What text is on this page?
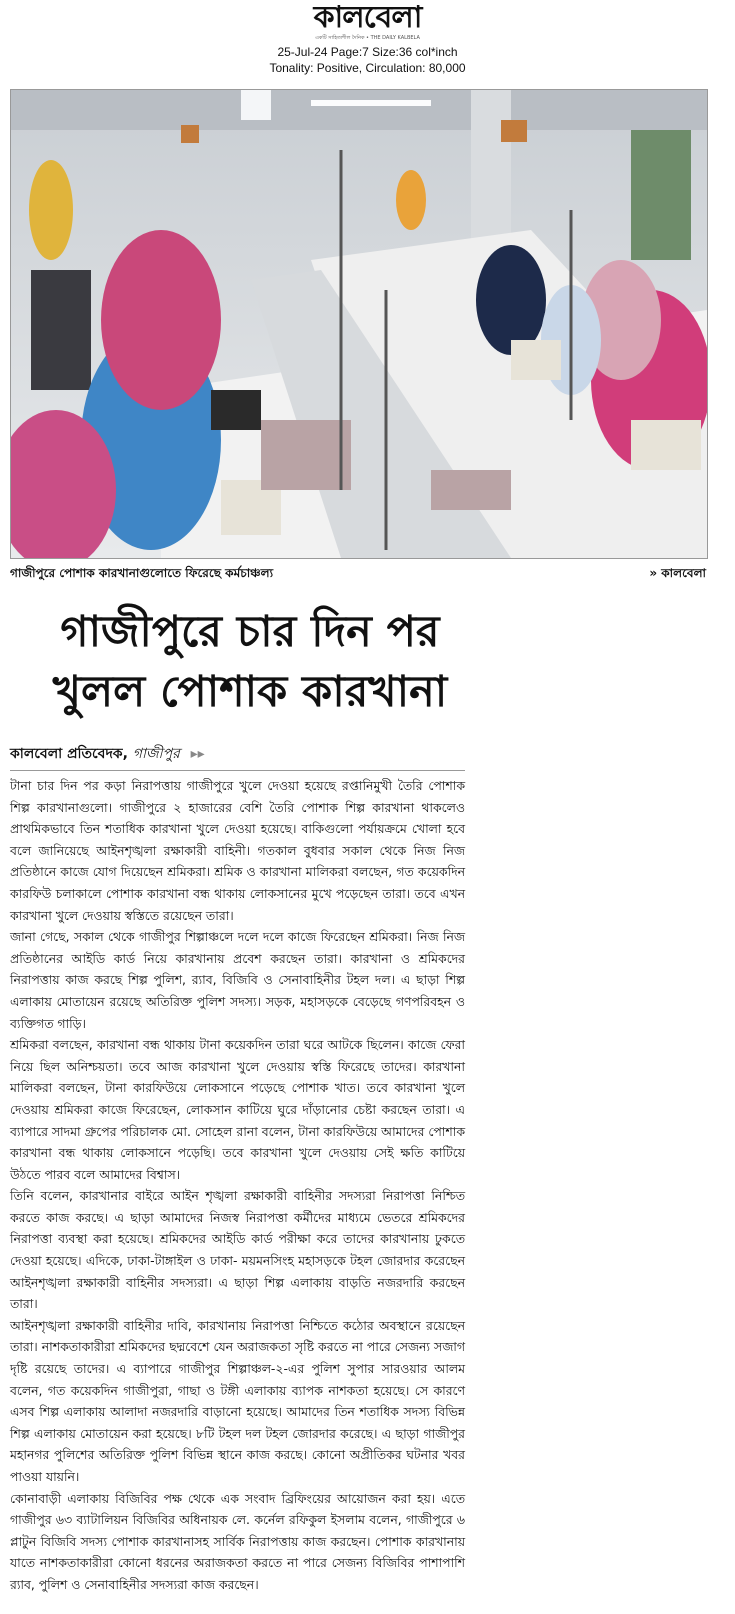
কালবেলা
একটি সাহিত্যশীল দৈনিক • THE DAILY KALBELA
25-Jul-24 Page:7 Size:36 col*inch
Tonality: Positive, Circulation: 80,000
গাজীপুরে পোশাক কারখানাগুলোতে ফিরেছে কর্মচাঞ্চল্য	» কালবেলা
গাজীপুরে চার দিন পর
খুলল পোশাক কারখানা
কালবেলা প্রতিবেদক, গাজীপুর ▸▸

টানা চার দিন পর কড়া নিরাপত্তায় গাজীপুরে খুলে দেওয়া হয়েছে রপ্তানিমুখী তৈরি পোশাক শিল্প কারখানাগুলো। গাজীপুরে ২ হাজারের বেশি তৈরি পোশাক শিল্প কারখানা থাকলেও প্রাথমিকভাবে তিন শতাধিক কারখানা খুলে দেওয়া হয়েছে। বাকিগুলো পর্যায়ক্রমে খোলা হবে বলে জানিয়েছে আইনশৃঙ্খলা রক্ষাকারী বাহিনী। গতকাল বুধবার সকাল থেকে নিজ নিজ প্রতিষ্ঠানে কাজে যোগ দিয়েছেন শ্রমিকরা। শ্রমিক ও কারখানা মালিকরা বলছেন, গত কয়েকদিন কারফিউ চলাকালে পোশাক কারখানা বন্ধ থাকায় লোকসানের মুখে পড়েছেন তারা। তবে এখন কারখানা খুলে দেওয়ায় স্বস্তিতে রয়েছেন তারা।

জানা গেছে, সকাল থেকে গাজীপুর শিল্পাঞ্চলে দলে দলে কাজে ফিরেছেন শ্রমিকরা। নিজ নিজ প্রতিষ্ঠানের আইডি কার্ড নিয়ে কারখানায় প্রবেশ করছেন তারা। কারখানা ও শ্রমিকদের নিরাপত্তায় কাজ করছে শিল্প পুলিশ, র‍্যাব, বিজিবি ও সেনাবাহিনীর টহল দল। এ ছাড়া শিল্প এলাকায় মোতায়েন রয়েছে অতিরিক্ত পুলিশ সদস্য। সড়ক, মহাসড়কে বেড়েছে গণপরিবহন ও ব্যক্তিগত গাড়ি।

শ্রমিকরা বলছেন, কারখানা বন্ধ থাকায় টানা কয়েকদিন তারা ঘরে আটকে ছিলেন। কাজে ফেরা নিয়ে ছিল অনিশ্চয়তা। তবে আজ কারখানা খুলে দেওয়ায় স্বস্তি ফিরেছে তাদের। কারখানা মালিকরা বলছেন, টানা কারফিউয়ে লোকসানে পড়েছে পোশাক খাত। তবে কারখানা খুলে দেওয়ায় শ্রমিকরা কাজে ফিরেছেন, লোকসান কাটিয়ে ঘুরে দাঁড়ানোর চেষ্টা করছেন তারা। এ ব্যাপারে সাদমা গ্রুপের পরিচালক মো. সোহেল রানা বলেন, টানা কারফিউয়ে আমাদের পোশাক কারখানা বন্ধ থাকায় লোকসানে পড়েছি। তবে কারখানা খুলে দেওয়ায় সেই ক্ষতি কাটিয়ে উঠতে পারব বলে আমাদের বিশ্বাস।

তিনি বলেন, কারখানার বাইরে আইন শৃঙ্খলা রক্ষাকারী বাহিনীর সদস্যরা নিরাপত্তা নিশ্চিত করতে কাজ করছে। এ ছাড়া আমাদের নিজস্ব নিরাপত্তা কর্মীদের মাধ্যমে ভেতরে শ্রমিকদের নিরাপত্তা ব্যবস্থা করা হয়েছে। শ্রমিকদের আইডি কার্ড পরীক্ষা করে তাদের কারখানায় ঢুকতে দেওয়া হয়েছে। এদিকে, ঢাকা-টাঙ্গাইল ও ঢাকা- ময়মনসিংহ মহাসড়কে টহল জোরদার করেছেন আইনশৃঙ্খলা রক্ষাকারী বাহিনীর সদস্যরা। এ ছাড়া শিল্প এলাকায় বাড়তি নজরদারি করছেন তারা।

আইনশৃঙ্খলা রক্ষাকারী বাহিনীর দাবি, কারখানায় নিরাপত্তা নিশ্চিতে কঠোর অবস্থানে রয়েছেন তারা। নাশকতাকারীরা শ্রমিকদের ছদ্মবেশে যেন অরাজকতা সৃষ্টি করতে না পারে সেজন্য সজাগ দৃষ্টি রয়েছে তাদের। এ ব্যাপারে গাজীপুর শিল্পাঞ্চল-২-এর পুলিশ সুপার সারওয়ার আলম বলেন, গত কয়েকদিন গাজীপুরা, গাছা ও টঙ্গী এলাকায় ব্যাপক নাশকতা হয়েছে। সে কারণে এসব শিল্প এলাকায় আলাদা নজরদারি বাড়ানো হয়েছে। আমাদের তিন শতাধিক সদস্য বিভিন্ন শিল্প এলাকায় মোতায়েন করা হয়েছে। ৮টি টহল দল টহল জোরদার করেছে। এ ছাড়া গাজীপুর মহানগর পুলিশের অতিরিক্ত পুলিশ বিভিন্ন স্থানে কাজ করছে। কোনো অপ্রীতিকর ঘটনার খবর পাওয়া যায়নি।

কোনাবাড়ী এলাকায় বিজিবির পক্ষ থেকে এক সংবাদ ব্রিফিংয়ের আয়োজন করা হয়। এতে গাজীপুর ৬৩ ব্যাটালিয়ন বিজিবির অধিনায়ক লে. কর্নেল রফিকুল ইসলাম বলেন, গাজীপুরে ৬ প্লাটুন বিজিবি সদস্য পোশাক কারখানাসহ সার্বিক নিরাপত্তায় কাজ করছেন। পোশাক কারখানায় যাতে নাশকতাকারীরা কোনো ধরনের অরাজকতা করতে না পারে সেজন্য বিজিবির পাশাপাশি র‍্যাব, পুলিশ ও সেনাবাহিনীর সদস্যরা কাজ করছেন।
